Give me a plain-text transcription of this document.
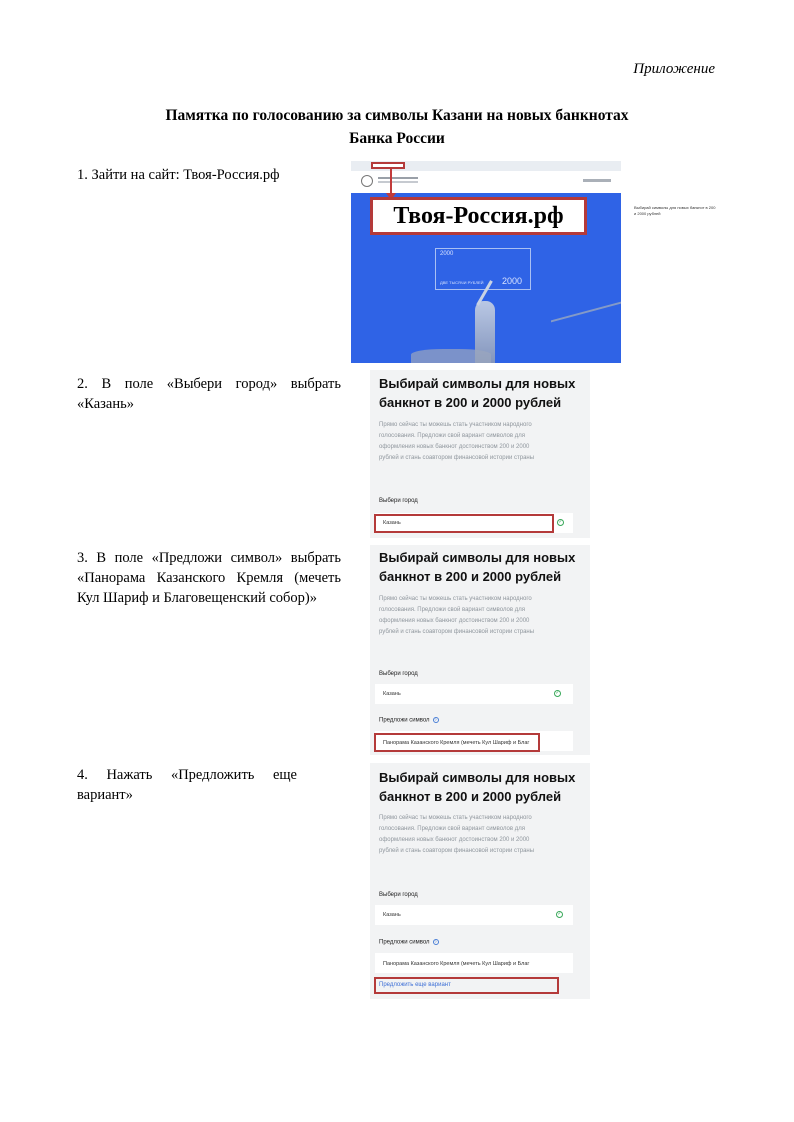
Приложение
Памятка по голосованию за символы Казани на новых банкнотах
Банка России
1. Зайти на сайт: Твоя-Россия.рф
2. В поле «Выбери город» выбрать «Казань»
3. В поле «Предложи символ» выбрать «Панорама Казанского Кремля (мечеть Кул Шариф и Благовещенский собор)»
4. Нажать «Предложить еще вариант»
Твоя-Россия.рф
2000
ДВЕ ТЫСЯЧИ РУБЛЕЙ 2000
Выбирай символы для новых банкнот в 200 и 2000 рублей
Выбирай символы для новых
банкнот в 200 и 2000 рублей
Прямо сейчас ты можешь стать участником народного
голосования. Предложи свой вариант символов для
оформления новых банкнот достоинством 200 и 2000
рублей и стань соавтором финансовой истории страны
Выбери город
Казань	✓
Выбирай символы для новых
банкнот в 200 и 2000 рублей
Прямо сейчас ты можешь стать участником народного
голосования. Предложи свой вариант символов для
оформления новых банкнот достоинством 200 и 2000
рублей и стань соавтором финансовой истории страны
Выбери город
Казань	✓
Предложи символ ?
Панорама Казанского Кремля (мечеть Кул Шариф и Благ
Выбирай символы для новых
банкнот в 200 и 2000 рублей
Прямо сейчас ты можешь стать участником народного
голосования. Предложи свой вариант символов для
оформления новых банкнот достоинством 200 и 2000
рублей и стань соавтором финансовой истории страны
Выбери город
Казань	✓
Предложи символ ?
Панорама Казанского Кремля (мечеть Кул Шариф и Благ
Предложить еще вариант
